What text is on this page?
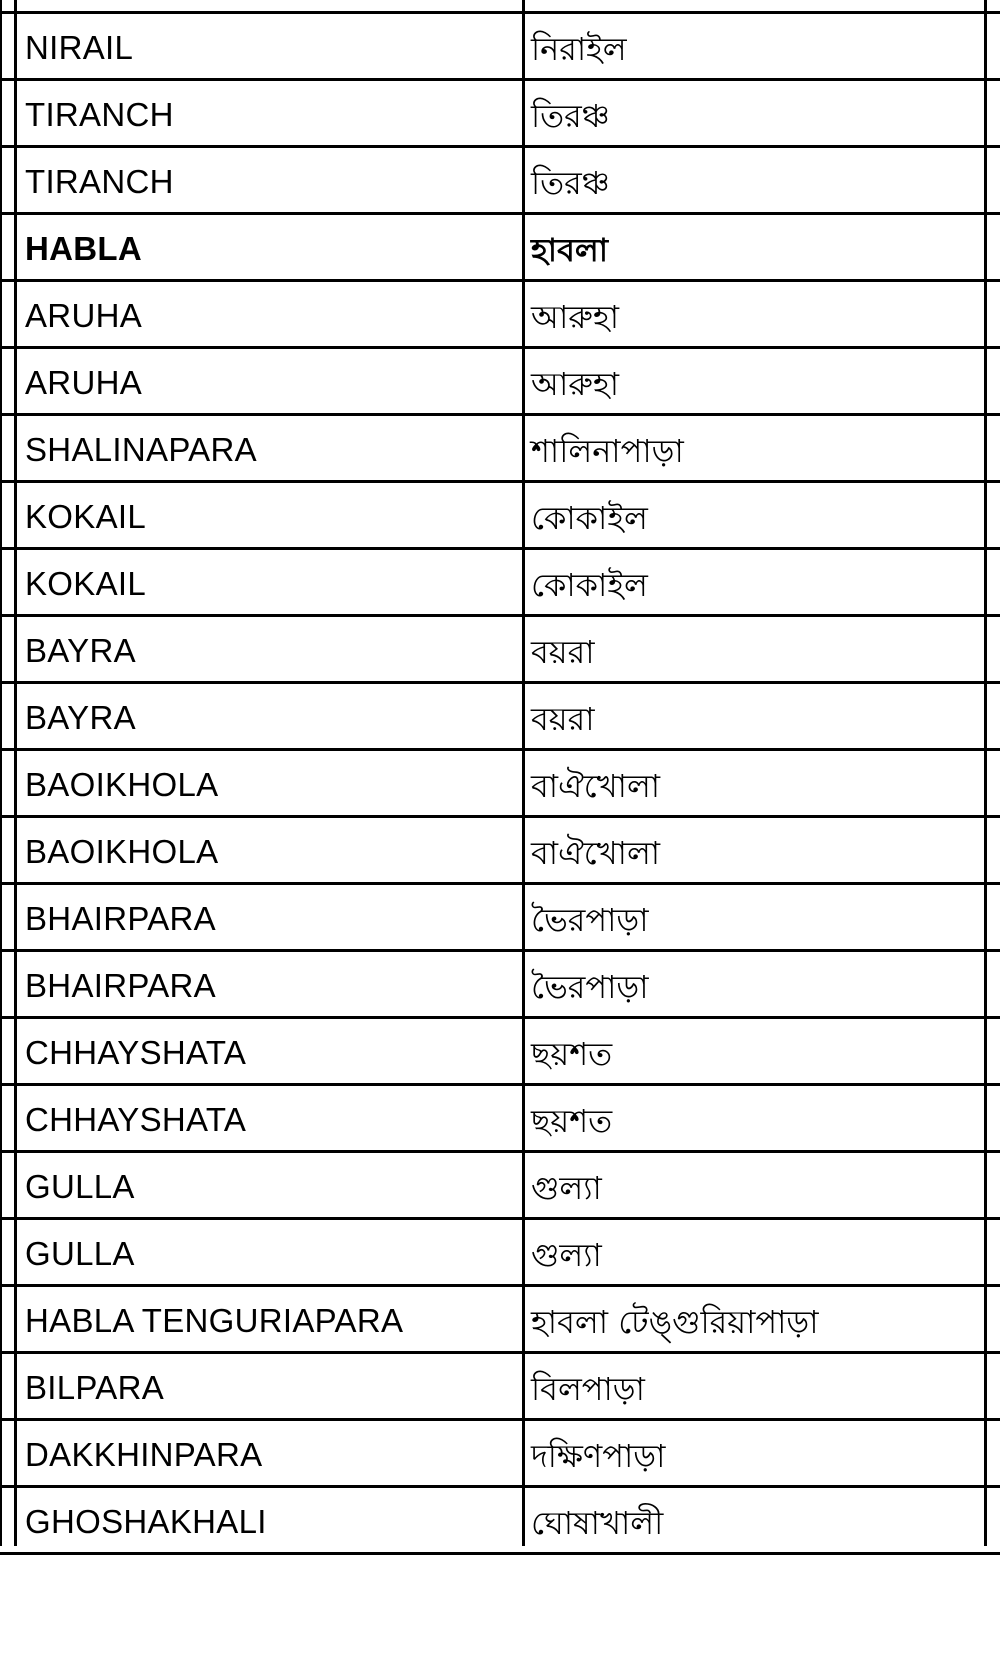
NIRAIL	নিরাইল
TIRANCH	তিরঞ্চ
TIRANCH	তিরঞ্চ
HABLA	হাবলা
ARUHA	আরুহা
ARUHA	আরুহা
SHALINAPARA	শালিনাপাড়া
KOKAIL	কোকাইল
KOKAIL	কোকাইল
BAYRA	বয়রা
BAYRA	বয়রা
BAOIKHOLA	বাঐখোলা
BAOIKHOLA	বাঐখোলা
BHAIRPARA	ভৈরপাড়া
BHAIRPARA	ভৈরপাড়া
CHHAYSHATA	ছয়শত
CHHAYSHATA	ছয়শত
GULLA	গুল্যা
GULLA	গুল্যা
HABLA TENGURIAPARA	হাবলা টেঙ্গুরিয়াপাড়া
BILPARA	বিলপাড়া
DAKKHINPARA	দক্ষিণপাড়া
GHOSHAKHALI	ঘোষাখালী
